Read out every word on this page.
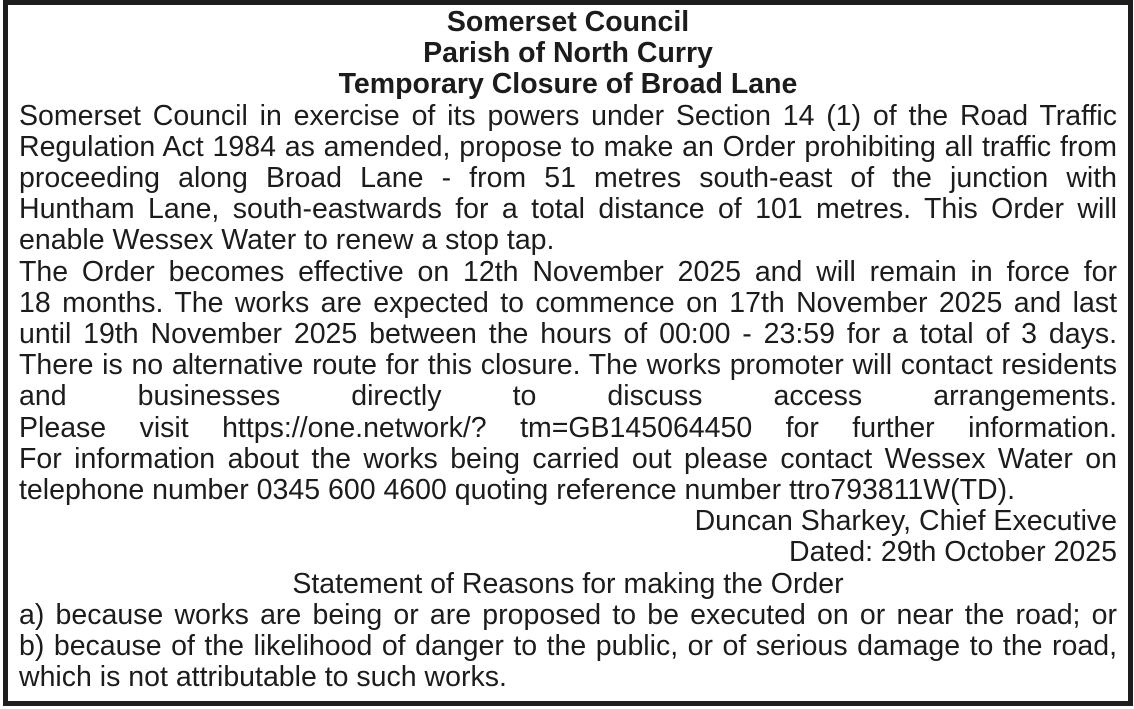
Somerset Council
Parish of North Curry
Temporary Closure of Broad Lane
Somerset Council in exercise of its powers under Section 14 (1) of the Road Traffic
Regulation Act 1984 as amended, propose to make an Order prohibiting all traffic from
proceeding along Broad Lane - from 51 metres south-east of the junction with
Huntham Lane, south-eastwards for a total distance of 101 metres. This Order will
enable Wessex Water to renew a stop tap.
The Order becomes effective on 12th November 2025 and will remain in force for
18 months. The works are expected to commence on 17th November 2025 and last
until 19th November 2025 between the hours of 00:00 - 23:59 for a total of 3 days.
There is no alternative route for this closure. The works promoter will contact residents
and businesses directly to discuss access arrangements.
Please visit https://one.network/? tm=GB145064450 for further information.
For information about the works being carried out please contact Wessex Water on
telephone number 0345 600 4600 quoting reference number ttro793811W(TD).
Duncan Sharkey, Chief Executive
Dated: 29th October 2025
Statement of Reasons for making the Order
a) because works are being or are proposed to be executed on or near the road; or
b) because of the likelihood of danger to the public, or of serious damage to the road,
which is not attributable to such works.
